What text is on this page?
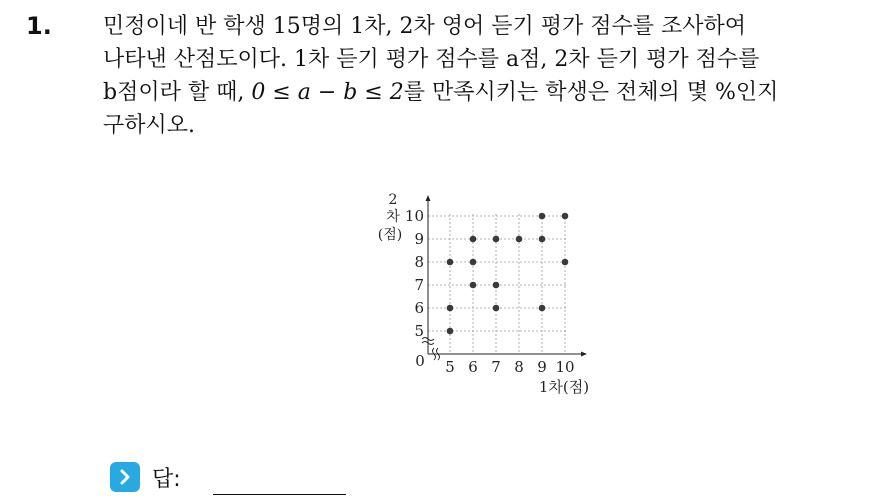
1. 민정이네 반 학생 15명의 1차, 2차 영어 듣기 평가 점수를 조사하여

나타낸 산점도이다. 1차 듣기 평가 점수를 a점, 2차 듣기 평가 점수를

b점이라 할 때, 0 ≤ a − b ≤ 2를 만족시키는 학생은 전체의 몇 %인지

구하시오.

5 6 7 8 9 10
5
6
7
8
9
10
0
1차(점)
2
차
(점)
답:
